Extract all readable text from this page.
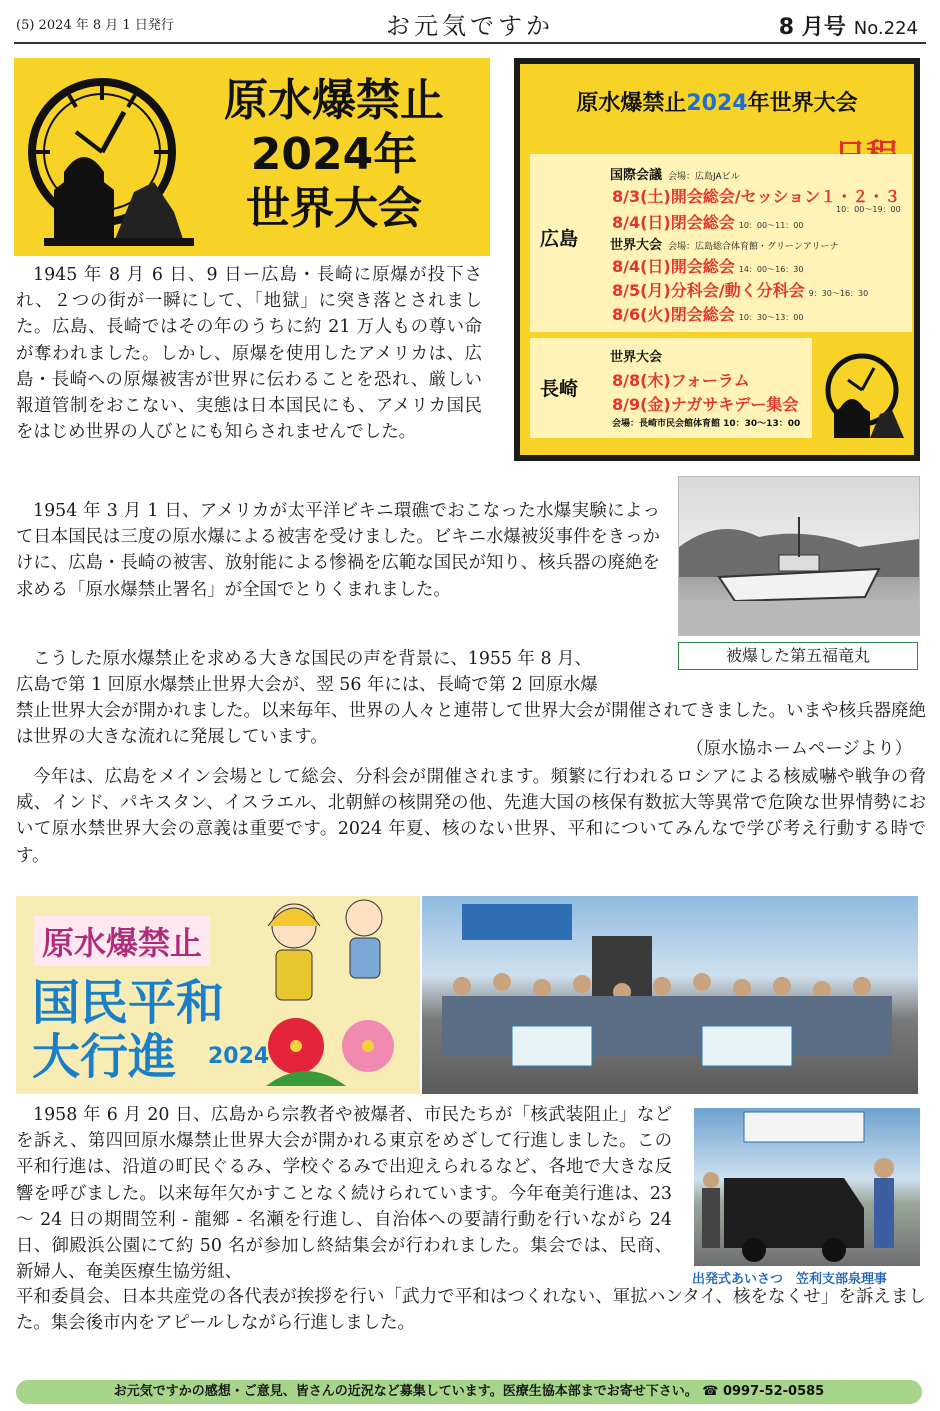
(5) 2024 年 8 月 1 日発行	お元気ですか	8 月号 No.224
原水爆禁止
2024年
世界大会
原水爆禁止2024年世界大会
広島
国際会議 会場：広島JAビル
8/3(土)開会総会/セッション１・２・３
10：00～19：00
8/4(日)閉会総会 10：00～11：00
世界大会 会場：広島総合体育館・グリーンアリーナ
8/4(日)開会総会 14：00～16：30
8/5(月)分科会/動く分科会 9：30～16：30
8/6(火)閉会総会 10：30～13：00
長崎
世界大会
8/8(木)フォーラム
8/9(金)ナガサキデー集会
会場：長崎市民会館体育館 10：30～13：00
1945 年 8 月 6 日、9 日ー広島・長崎に原爆が投下され、２つの街が一瞬にして、「地獄」に突き落とされました。広島、長崎ではその年のうちに約 21 万人もの尊い命が奪われました。しかし、原爆を使用したアメリカは、広島・長崎への原爆被害が世界に伝わることを恐れ、厳しい報道管制をおこない、実態は日本国民にも、アメリカ国民をはじめ世界の人びとにも知らされませんでした。
被爆した第五福竜丸
1954 年 3 月 1 日、アメリカが太平洋ビキニ環礁でおこなった水爆実験によって日本国民は三度の原水爆による被害を受けました。ビキニ水爆被災事件をきっかけに、広島・長崎の被害、放射能による惨禍を広範な国民が知り、核兵器の廃絶を求める「原水爆禁止署名」が全国でとりくまれました。
こうした原水爆禁止を求める大きな国民の声を背景に、1955 年 8 月、
広島で第 1 回原水爆禁止世界大会が、翌 56 年には、長崎で第 2 回原水爆
禁止世界大会が開かれました。以来毎年、世界の人々と連帯して世界大会が開催されてきました。いまや核兵器廃絶は世界の大きな流れに発展しています。
（原水協ホームページより）
今年は、広島をメイン会場として総会、分科会が開催されます。頻繁に行われるロシアによる核威嚇や戦争の脅威、インド、パキスタン、イスラエル、北朝鮮の核開発の他、先進大国の核保有数拡大等異常で危険な世界情勢において原水禁世界大会の意義は重要です。2024 年夏、核のない世界、平和についてみんなで学び考え行動する時です。
原水爆禁止
国民平和
大行進	2024
1958 年 6 月 20 日、広島から宗教者や被爆者、市民たちが「核武装阻止」などを訴え、第四回原水爆禁止世界大会が開かれる東京をめざして行進しました。この平和行進は、沿道の町民ぐるみ、学校ぐるみで出迎えられるなど、各地で大きな反響を呼びました。以来毎年欠かすことなく続けられています。今年奄美行進は、23 ～ 24 日の期間笠利 - 龍郷 - 名瀬を行進し、自治体への要請行動を行いながら 24 日、御殿浜公園にて約 50 名が参加し終結集会が行われました。集会では、民商、新婦人、奄美医療生協労組、	出発式あいさつ　笠利支部泉理事
平和委員会、日本共産党の各代表が挨拶を行い「武力で平和はつくれない、軍拡ハンタイ、核をなくせ」を訴えました。集会後市内をアピールしながら行進しました。
お元気ですかの感想・ご意見、皆さんの近況など募集しています。医療生協本部までお寄せ下さい。 ☎ 0997-52-0585
